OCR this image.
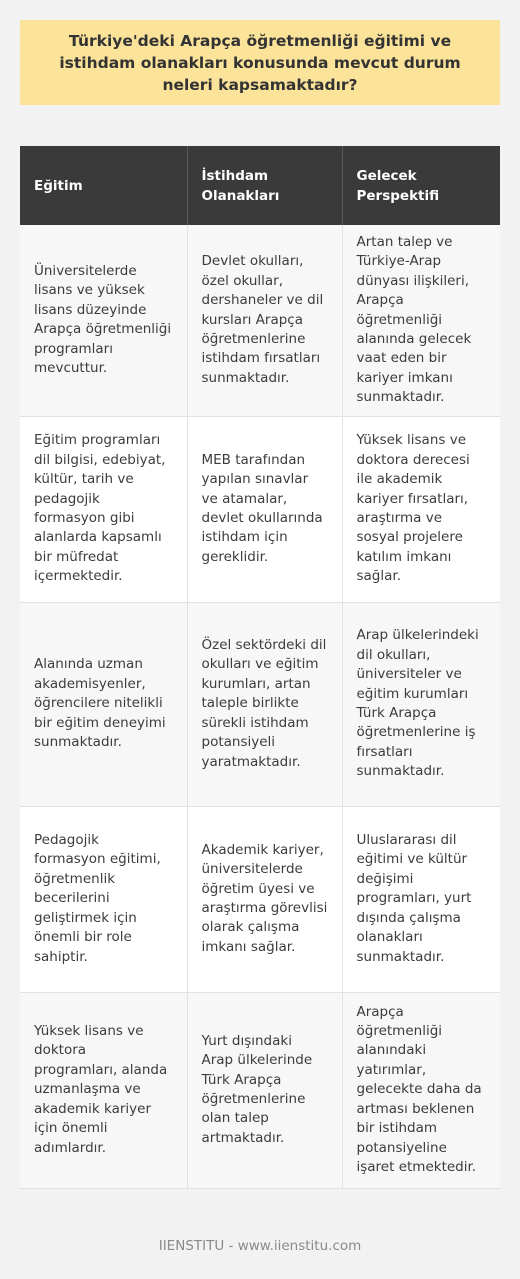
Türkiye'deki Arapça öğretmenliği eğitimi ve istihdam olanakları konusunda mevcut durum neleri kapsamaktadır?
Eğitim	İstihdam Olanakları	Gelecek Perspektifi
Üniversitelerde lisans ve yüksek lisans düzeyinde Arapça öğretmenliği programları mevcuttur.	Devlet okulları, özel okullar, dershaneler ve dil kursları Arapça öğretmenlerine istihdam fırsatları sunmaktadır.	Artan talep ve Türkiye-Arap dünyası ilişkileri, Arapça öğretmenliği alanında gelecek vaat eden bir kariyer imkanı sunmaktadır.
Eğitim programları dil bilgisi, edebiyat, kültür, tarih ve pedagojik formasyon gibi alanlarda kapsamlı bir müfredat içermektedir.	MEB tarafından yapılan sınavlar ve atamalar, devlet okullarında istihdam için gereklidir.	Yüksek lisans ve doktora derecesi ile akademik kariyer fırsatları, araştırma ve sosyal projelere katılım imkanı sağlar.
Alanında uzman akademisyenler, öğrencilere nitelikli bir eğitim deneyimi sunmaktadır.	Özel sektördeki dil okulları ve eğitim kurumları, artan taleple birlikte sürekli istihdam potansiyeli yaratmaktadır.	Arap ülkelerindeki dil okulları, üniversiteler ve eğitim kurumları Türk Arapça öğretmenlerine iş fırsatları sunmaktadır.
Pedagojik formasyon eğitimi, öğretmenlik becerilerini geliştirmek için önemli bir role sahiptir.	Akademik kariyer, üniversitelerde öğretim üyesi ve araştırma görevlisi olarak çalışma imkanı sağlar.	Uluslararası dil eğitimi ve kültür değişimi programları, yurt dışında çalışma olanakları sunmaktadır.
Yüksek lisans ve doktora programları, alanda uzmanlaşma ve akademik kariyer için önemli adımlardır.	Yurt dışındaki Arap ülkelerinde Türk Arapça öğretmenlerine olan talep artmaktadır.	Arapça öğretmenliği alanındaki yatırımlar, gelecekte daha da artması beklenen bir istihdam potansiyeline işaret etmektedir.
IIENSTITU - www.iienstitu.com
